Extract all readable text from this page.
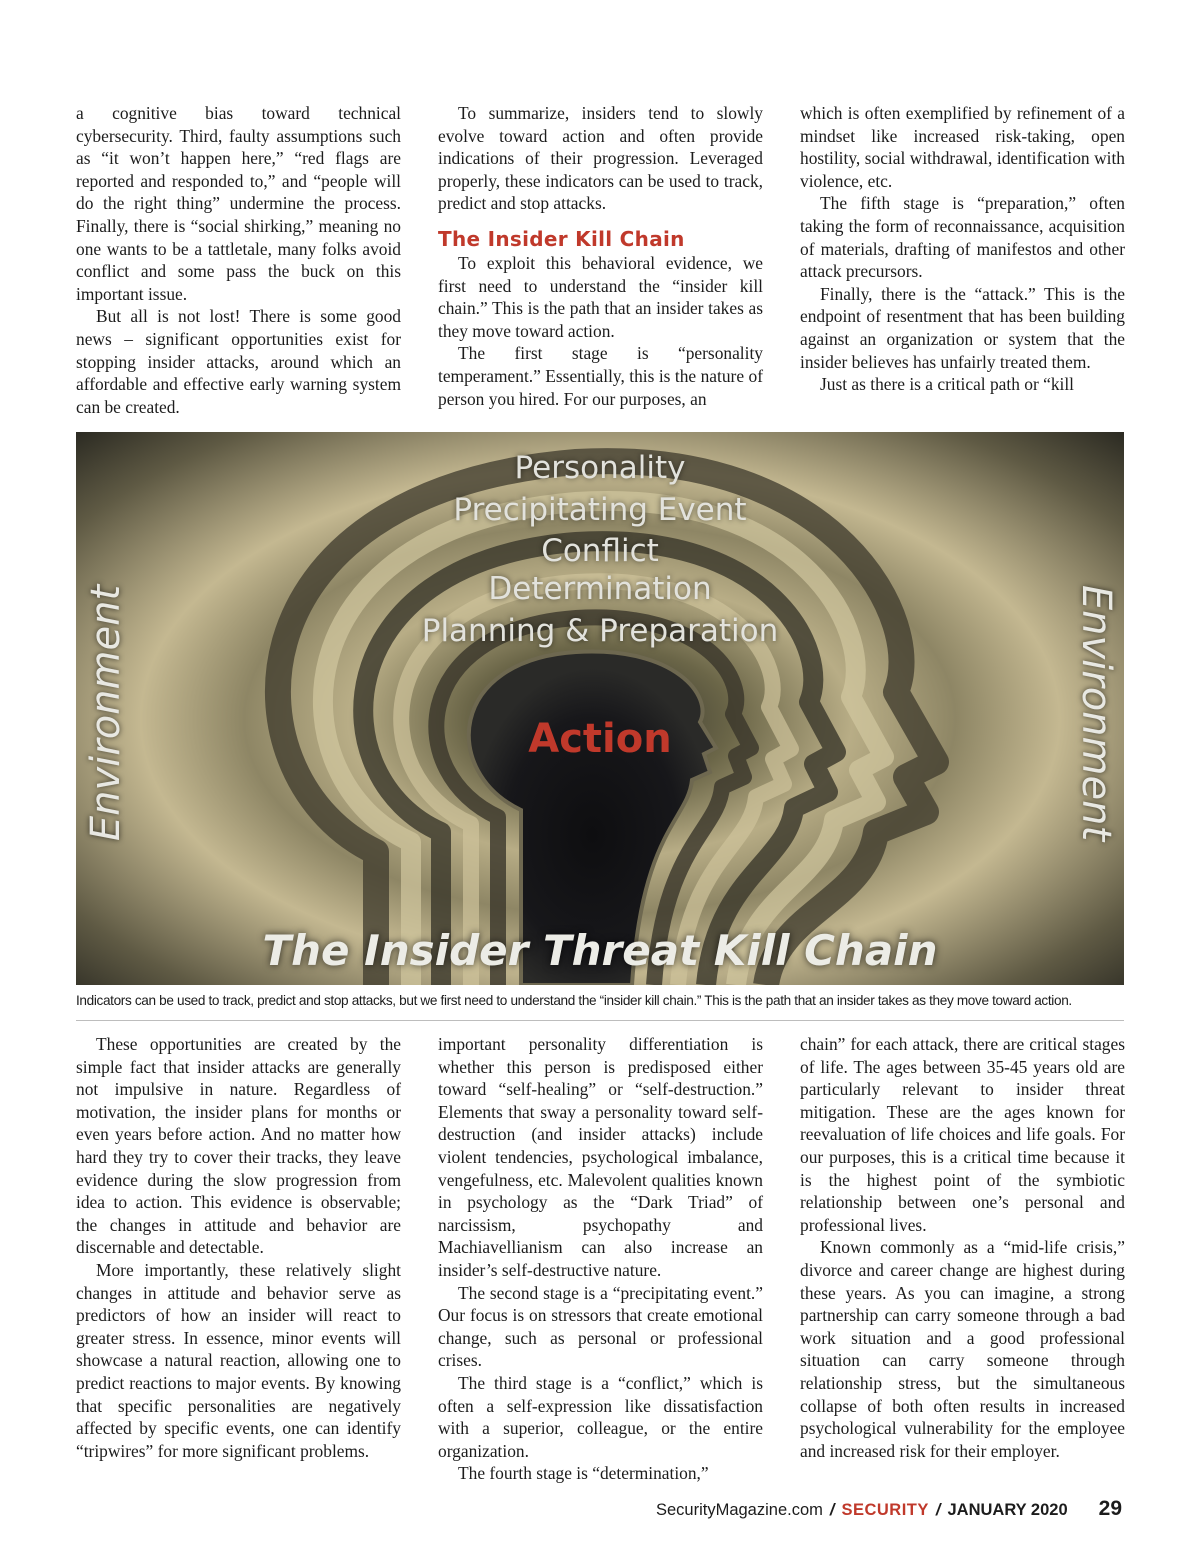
a cognitive bias toward technical cybersecurity. Third, faulty assumptions such as “it won’t happen here,” “red flags are reported and responded to,” and “people will do the right thing” undermine the process. Finally, there is “social shirking,” meaning no one wants to be a tattletale, many folks avoid conflict and some pass the buck on this important issue.

But all is not lost! There is some good news – significant opportunities exist for stopping insider attacks, around which an affordable and effective early warning system can be created.

To summarize, insiders tend to slowly evolve toward action and often provide indications of their progression. Leveraged properly, these indicators can be used to track, predict and stop attacks.

The Insider Kill Chain

To exploit this behavioral evidence, we first need to understand the “insider kill chain.” This is the path that an insider takes as they move toward action.

The first stage is “personality temperament.” Essentially, this is the nature of person you hired. For our purposes, an

which is often exemplified by refinement of a mindset like increased risk-taking, open hostility, social withdrawal, identification with violence, etc.

The fifth stage is “preparation,” often taking the form of reconnaissance, acquisition of materials, drafting of manifestos and other attack precursors.

Finally, there is the “attack.” This is the endpoint of resentment that has been building against an organization or system that the insider believes has unfairly treated them.

Just as there is a critical path or “kill

Personality
Precipitating Event
Conflict
Determination
Planning & Preparation
Action
Environment	Environment
The Insider Threat Kill Chain
Indicators can be used to track, predict and stop attacks, but we first need to understand the “insider kill chain.” This is the path that an insider takes as they move toward action.

These opportunities are created by the simple fact that insider attacks are generally not impulsive in nature. Regardless of motivation, the insider plans for months or even years before action. And no matter how hard they try to cover their tracks, they leave evidence during the slow progression from idea to action. This evidence is observable; the changes in attitude and behavior are discernable and detectable.

More importantly, these relatively slight changes in attitude and behavior serve as predictors of how an insider will react to greater stress. In essence, minor events will showcase a natural reaction, allowing one to predict reactions to major events. By knowing that specific personalities are negatively affected by specific events, one can identify “tripwires” for more significant problems.

important personality differentiation is whether this person is predisposed either toward “self-healing” or “self-destruction.” Elements that sway a personality toward self-destruction (and insider attacks) include violent tendencies, psychological imbalance, vengefulness, etc. Malevolent qualities known in psychology as the “Dark Triad” of narcissism, psychopathy and Machiavellianism can also increase an insider’s self-destructive nature.

The second stage is a “precipitating event.” Our focus is on stressors that create emotional change, such as personal or professional crises.

The third stage is a “conflict,” which is often a self-expression like dissatisfaction with a superior, colleague, or the entire organization.

The fourth stage is “determination,”

chain” for each attack, there are critical stages of life. The ages between 35-45 years old are particularly relevant to insider threat mitigation. These are the ages known for reevaluation of life choices and life goals. For our purposes, this is a critical time because it is the highest point of the symbiotic relationship between one’s personal and professional lives.

Known commonly as a “mid-life crisis,” divorce and career change are highest during these years. As you can imagine, a strong partnership can carry someone through a bad work situation and a good professional situation can carry someone through relationship stress, but the simultaneous collapse of both often results in increased psychological vulnerability for the employee and increased risk for their employer.

SecurityMagazine.com / SECURITY / JANUARY 2020 29
